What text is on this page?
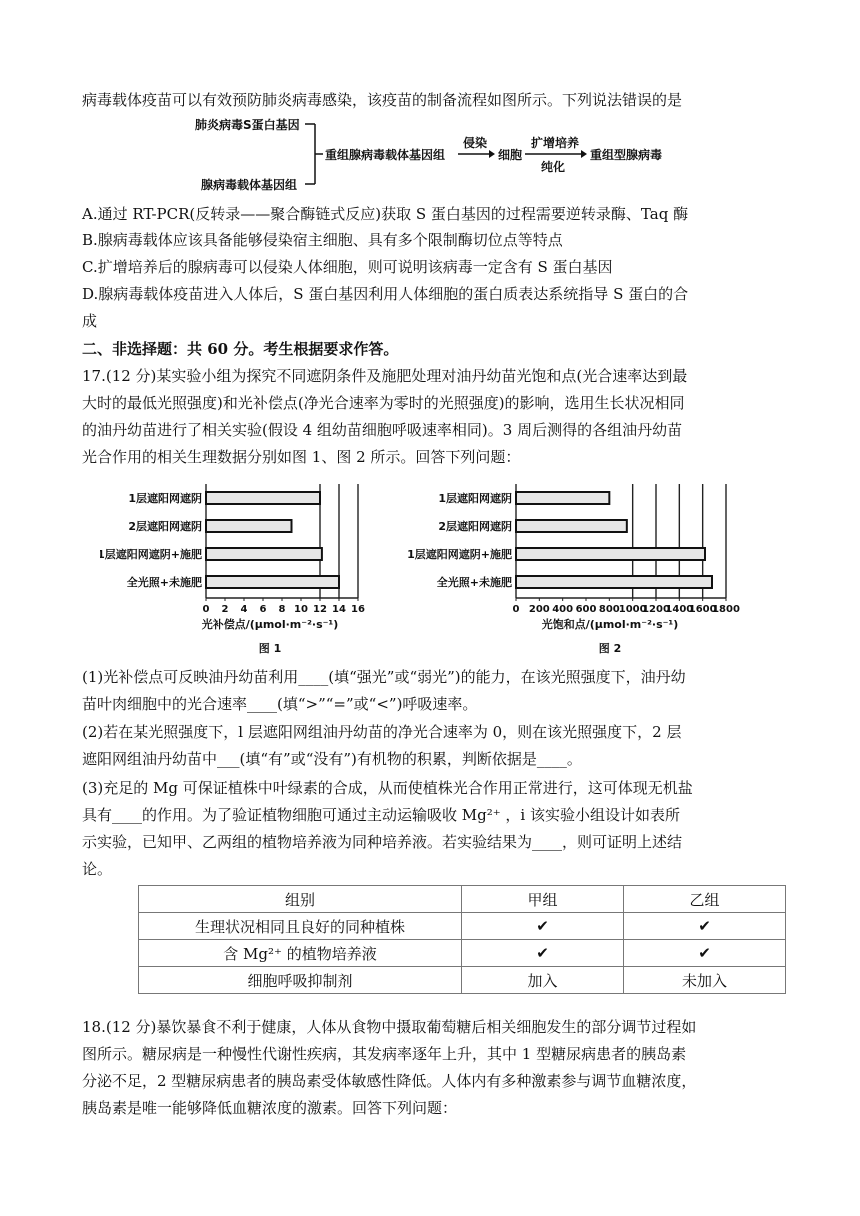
病毒载体疫苗可以有效预防肺炎病毒感染，该疫苗的制备流程如图所示。下列说法错误的是
肺炎病毒S蛋白基因
腺病毒载体基因组
重组腺病毒载体基因组
侵染
细胞
扩增培养
纯化
重组型腺病毒
A.通过 RT-PCR(反转录——聚合酶链式反应)获取 S 蛋白基因的过程需要逆转录酶、Taq 酶
B.腺病毒载体应该具备能够侵染宿主细胞、具有多个限制酶切位点等特点
C.扩增培养后的腺病毒可以侵染人体细胞，则可说明该病毒一定含有 S 蛋白基因
D.腺病毒载体疫苗进入人体后，S 蛋白基因利用人体细胞的蛋白质表达系统指导 S 蛋白的合
成
二、非选择题：共 60 分。考生根据要求作答。
17.(12 分)某实验小组为探究不同遮阴条件及施肥处理对油丹幼苗光饱和点(光合速率达到最
大时的最低光照强度)和光补偿点(净光合速率为零时的光照强度)的影响，选用生长状况相同
的油丹幼苗进行了相关实验(假设 4 组幼苗细胞呼吸速率相同)。3 周后测得的各组油丹幼苗
光合作用的相关生理数据分别如图 1、图 2 所示。回答下列问题：
1层遮阳网遮阴
2层遮阳网遮阴
1层遮阳网遮阴+施肥
全光照+未施肥
0 2 4 6 8 10 12 14 16
光补偿点/(μmol·m⁻²·s⁻¹)
图 1
1层遮阳网遮阴
2层遮阳网遮阴
1层遮阳网遮阴+施肥
全光照+未施肥
0 200 400 600 800
1000
1200
1400
1600
1800
光饱和点/(μmol·m⁻²·s⁻¹)
图 2
(1)光补偿点可反映油丹幼苗利用____(填“强光”或“弱光”)的能力，在该光照强度下，油丹幼
苗叶肉细胞中的光合速率____(填“>”“=”或“<”)呼吸速率。
(2)若在某光照强度下，l 层遮阳网组油丹幼苗的净光合速率为 0，则在该光照强度下，2 层
遮阳网组油丹幼苗中___(填“有”或“没有”)有机物的积累，判断依据是____。
(3)充足的 Mg 可保证植株中叶绿素的合成，从而使植株光合作用正常进行，这可体现无机盐
具有____的作用。为了验证植物细胞可通过主动运输吸收 Mg²⁺ ，i 该实验小组设计如表所
示实验，已知甲、乙两组的植物培养液为同种培养液。若实验结果为____，则可证明上述结
论。
组别	甲组	乙组
生理状况相同且良好的同种植株	✔	✔
含 Mg²⁺ 的植物培养液	✔	✔
细胞呼吸抑制剂	加入	未加入
18.(12 分)暴饮暴食不利于健康，人体从食物中摄取葡萄糖后相关细胞发生的部分调节过程如
图所示。糖尿病是一种慢性代谢性疾病，其发病率逐年上升，其中 1 型糖尿病患者的胰岛素
分泌不足，2 型糖尿病患者的胰岛素受体敏感性降低。人体内有多种激素参与调节血糖浓度，
胰岛素是唯一能够降低血糖浓度的激素。回答下列问题：
